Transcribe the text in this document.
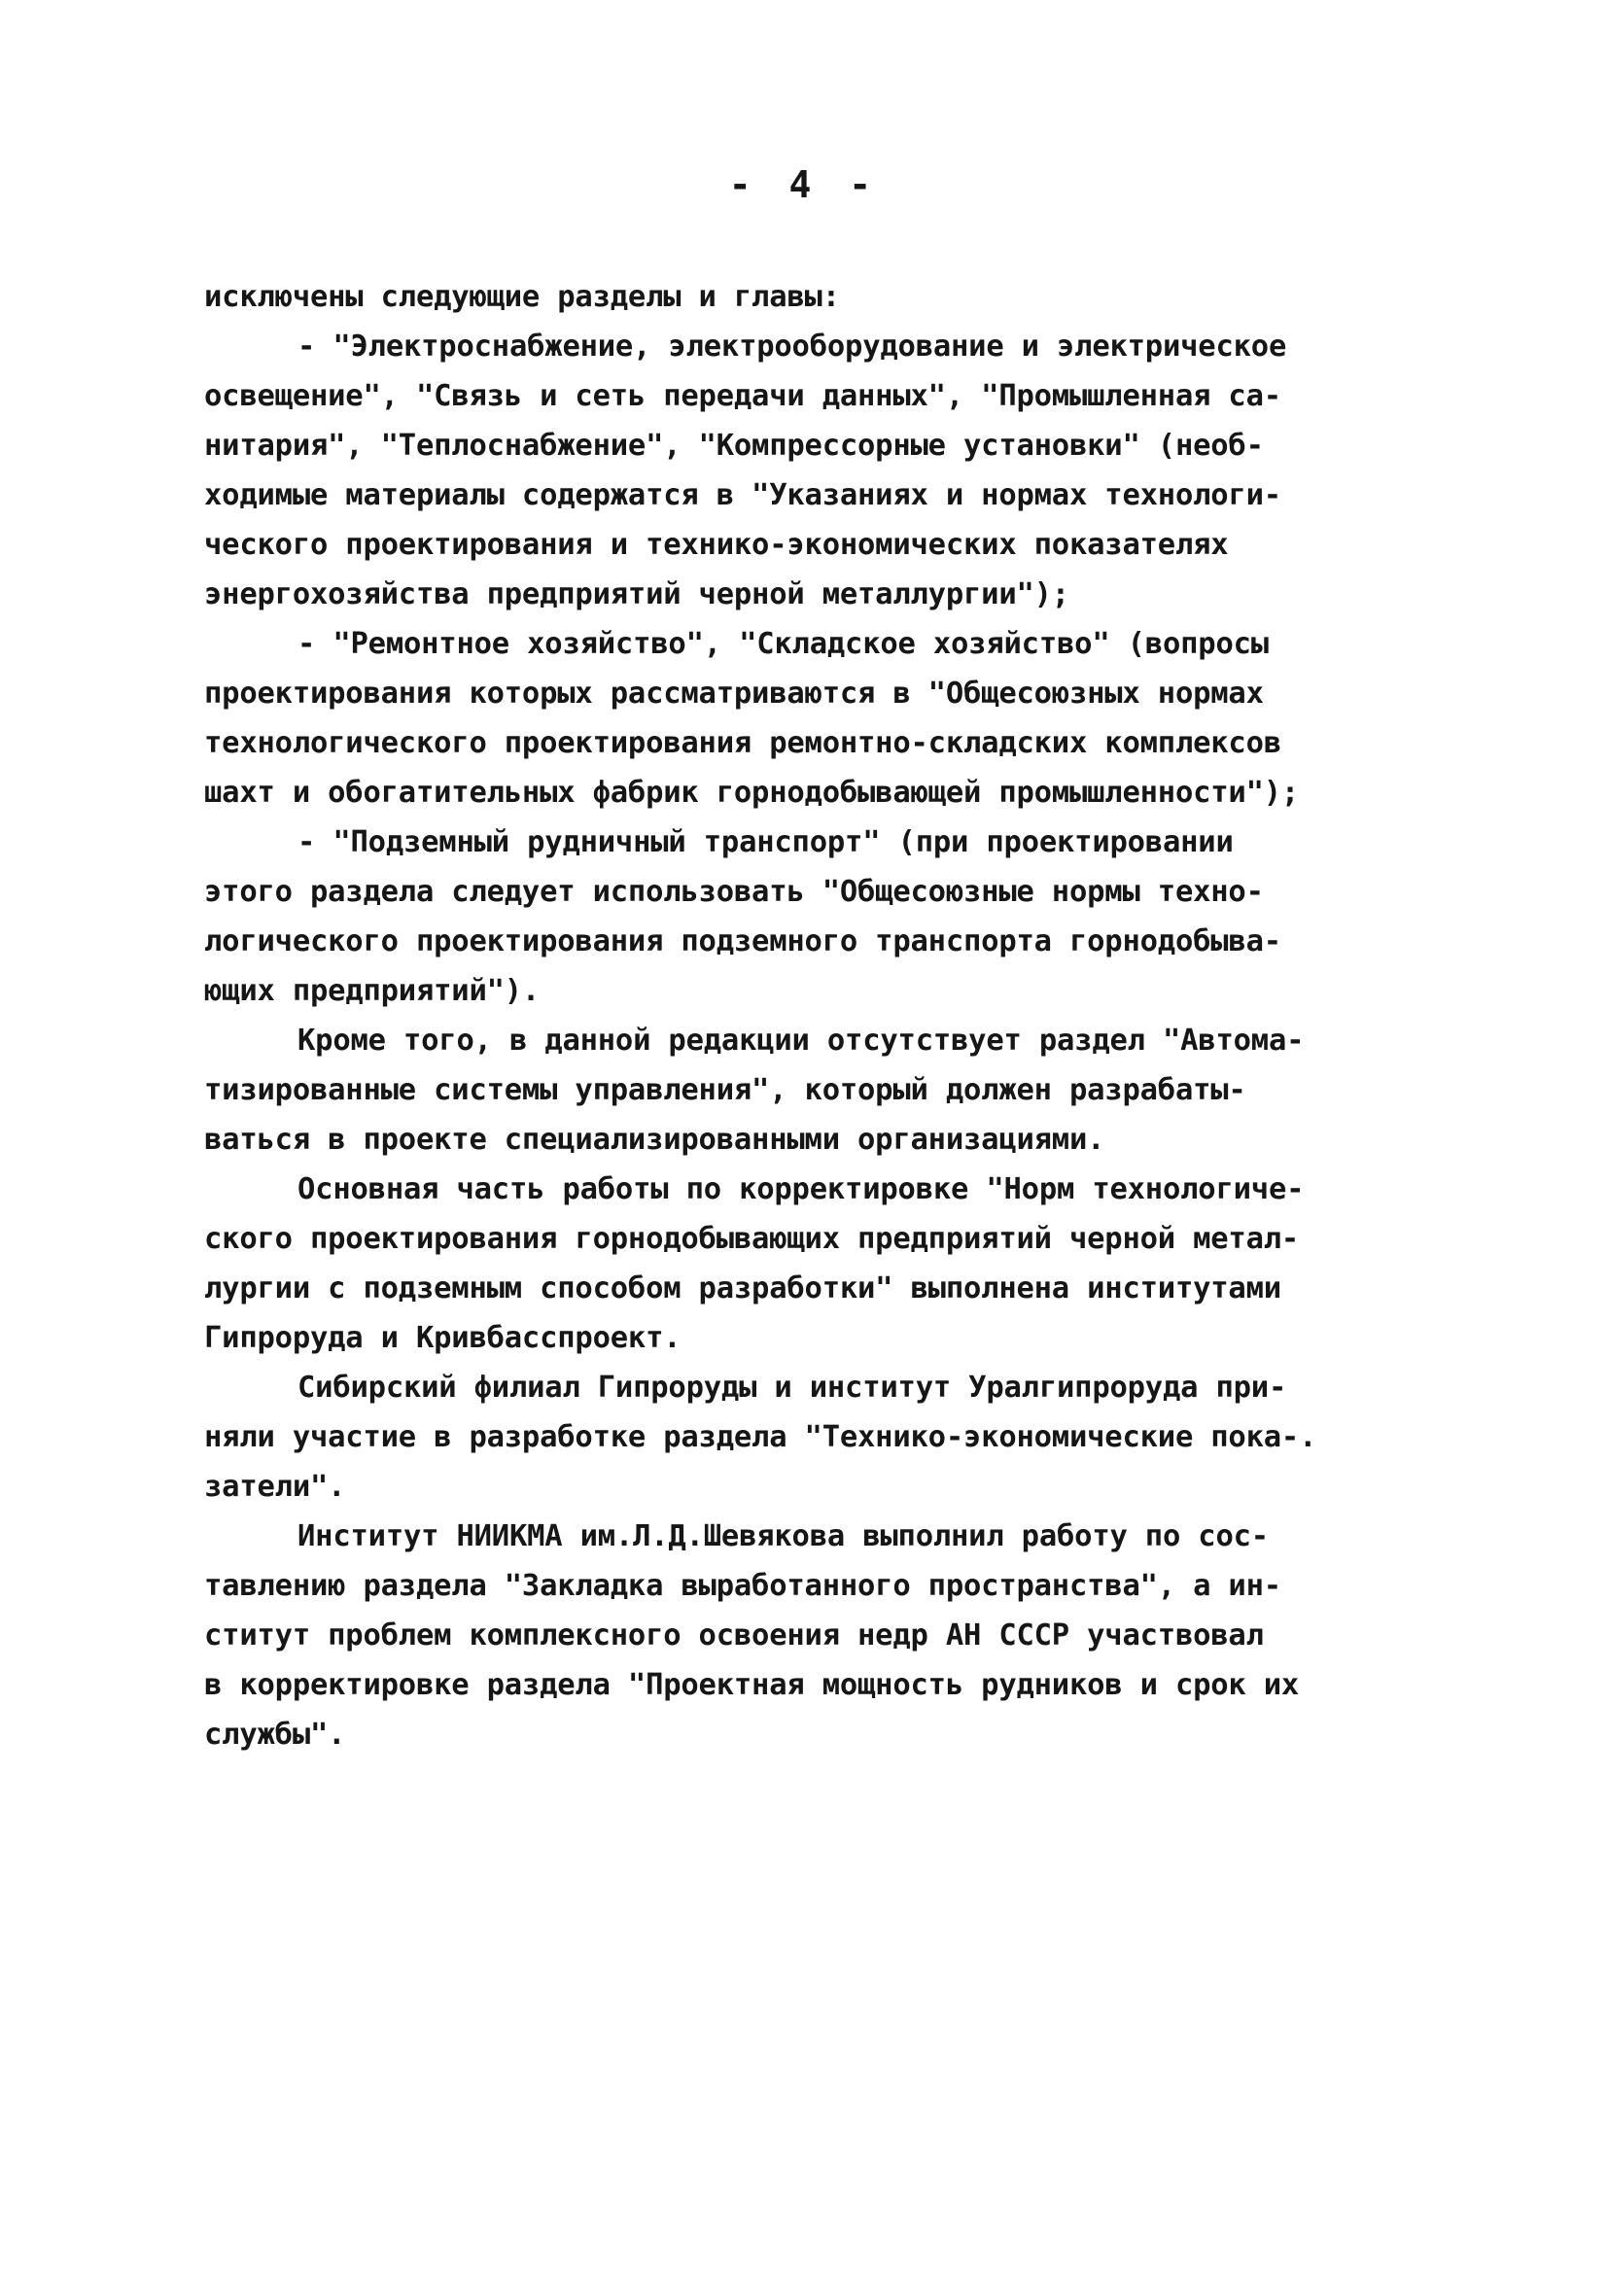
- 4 -
исключены следующие разделы и главы:
- "Электроснабжение, электрооборудование и электрическое
освещение", "Связь и сеть передачи данных", "Промышленная са-
нитария", "Теплоснабжение", "Компрессорные установки" (необ-
ходимые материалы содержатся в "Указаниях и нормах технологи-
ческого проектирования и технико-экономических показателях
энергохозяйства предприятий черной металлургии");
- "Ремонтное хозяйство", "Складское хозяйство" (вопросы
проектирования которых рассматриваются в "Общесоюзных нормах
технологического проектирования ремонтно-складских комплексов
шахт и обогатительных фабрик горнодобывающей промышленности");
- "Подземный рудничный транспорт" (при проектировании
этого раздела следует использовать "Общесоюзные нормы техно-
логического проектирования подземного транспорта горнодобыва-
ющих предприятий").
Кроме того, в данной редакции отсутствует раздел "Автома-
тизированные системы управления", который должен разрабаты-
ваться в проекте специализированными организациями.
Основная часть работы по корректировке "Норм технологиче-
ского проектирования горнодобывающих предприятий черной метал-
лургии с подземным способом разработки" выполнена институтами
Гипроруда и Кривбасспроект.
Сибирский филиал Гипроруды и институт Уралгипроруда при-
няли участие в разработке раздела "Технико-экономические пока-.
затели".
Институт НИИКМА им.Л.Д.Шевякова выполнил работу по сос-
тавлению раздела "Закладка выработанного пространства", а ин-
ститут проблем комплексного освоения недр АН СССР участвовал
в корректировке раздела "Проектная мощность рудников и срок их
службы".
